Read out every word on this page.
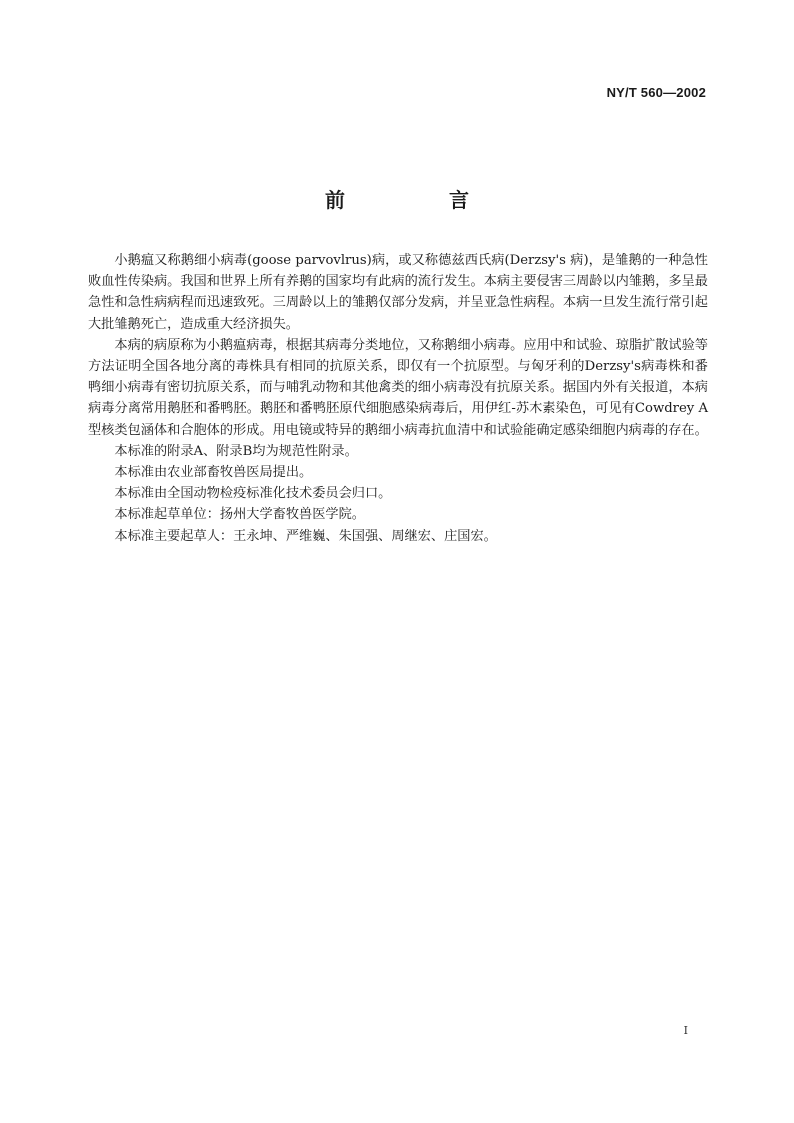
NY/T 560—2002
前　言

小鹅瘟又称鹅细小病毒(goose parvovlrus)病，或又称德兹西氏病(Derzsy's 病)，是雏鹅的一种急性败血性传染病。我国和世界上所有养鹅的国家均有此病的流行发生。本病主要侵害三周龄以内雏鹅，多呈最急性和急性病病程而迅速致死。三周龄以上的雏鹅仅部分发病，并呈亚急性病程。本病一旦发生流行常引起大批雏鹅死亡，造成重大经济损失。

本病的病原称为小鹅瘟病毒，根据其病毒分类地位，又称鹅细小病毒。应用中和试验、琼脂扩散试验等方法证明全国各地分离的毒株具有相同的抗原关系，即仅有一个抗原型。与匈牙利的Derzsy's病毒株和番鸭细小病毒有密切抗原关系，而与哺乳动物和其他禽类的细小病毒没有抗原关系。据国内外有关报道，本病病毒分离常用鹅胚和番鸭胚。鹅胚和番鸭胚原代细胞感染病毒后，用伊红-苏木素染色，可见有Cowdrey A型核类包涵体和合胞体的形成。用电镜或特异的鹅细小病毒抗血清中和试验能确定感染细胞内病毒的存在。

本标准的附录A、附录B均为规范性附录。

本标准由农业部畜牧兽医局提出。

本标准由全国动物检疫标准化技术委员会归口。

本标准起草单位：扬州大学畜牧兽医学院。

本标准主要起草人：王永坤、严维巍、朱国强、周继宏、庄国宏。

I
